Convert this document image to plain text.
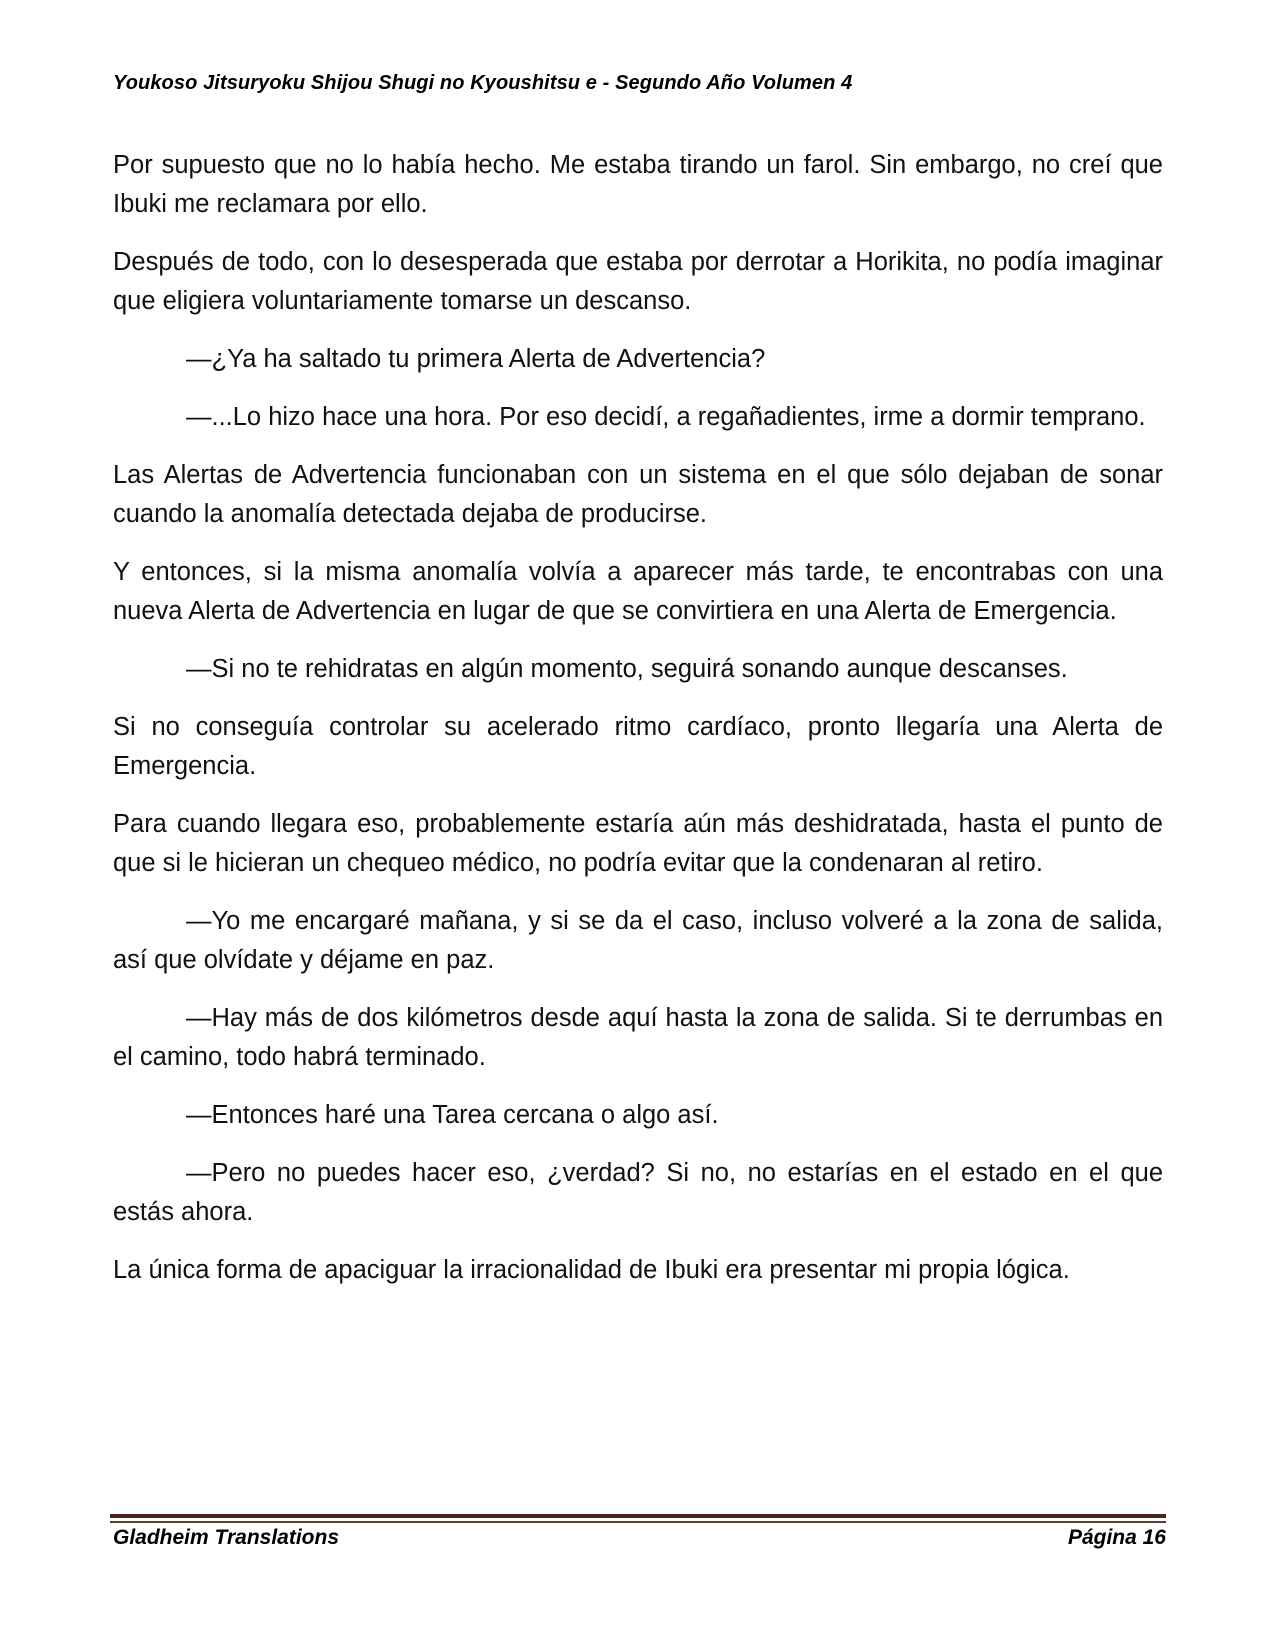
Youkoso Jitsuryoku Shijou Shugi no Kyoushitsu e - Segundo Año Volumen 4

Por supuesto que no lo había hecho. Me estaba tirando un farol. Sin embargo, no creí que Ibuki me reclamara por ello.

Después de todo, con lo desesperada que estaba por derrotar a Horikita, no podía imaginar que eligiera voluntariamente tomarse un descanso.

—¿Ya ha saltado tu primera Alerta de Advertencia?

—...Lo hizo hace una hora. Por eso decidí, a regañadientes, irme a dormir temprano.

Las Alertas de Advertencia funcionaban con un sistema en el que sólo dejaban de sonar cuando la anomalía detectada dejaba de producirse.

Y entonces, si la misma anomalía volvía a aparecer más tarde, te encontrabas con una nueva Alerta de Advertencia en lugar de que se convirtiera en una Alerta de Emergencia.

—Si no te rehidratas en algún momento, seguirá sonando aunque descanses.

Si no conseguía controlar su acelerado ritmo cardíaco, pronto llegaría una Alerta de Emergencia.

Para cuando llegara eso, probablemente estaría aún más deshidratada, hasta el punto de que si le hicieran un chequeo médico, no podría evitar que la condenaran al retiro.

—Yo me encargaré mañana, y si se da el caso, incluso volveré a la zona de salida, así que olvídate y déjame en paz.

—Hay más de dos kilómetros desde aquí hasta la zona de salida. Si te derrumbas en el camino, todo habrá terminado.

—Entonces haré una Tarea cercana o algo así.

—Pero no puedes hacer eso, ¿verdad? Si no, no estarías en el estado en el que estás ahora.

La única forma de apaciguar la irracionalidad de Ibuki era presentar mi propia lógica.

Gladheim Translations	Página 16
